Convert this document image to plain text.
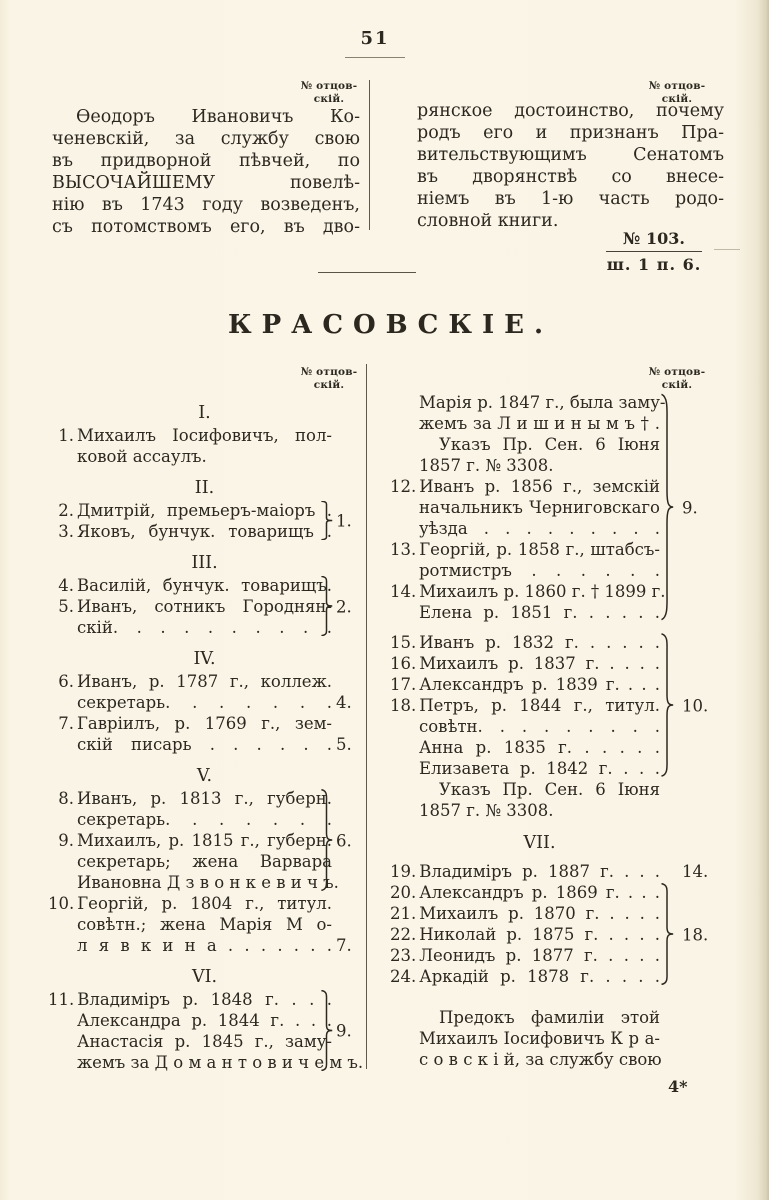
51
№ отцов-
скій.
№ отцов-
скій.
Ѳеодоръ Ивановичъ Ко-
ченевскій, за службу свою
въ придворной пѣвчей, по
ВЫСОЧАЙШЕМУ повелѣ-
нію въ 1743 году возведенъ,
съ потомствомъ его, въ дво-
рянское достоинство, почему
родъ его и признанъ Пра-
вительствующимъ Сенатомъ
въ дворянствѣ со внесе-
ніемъ въ 1-ю часть родо-
словной книги.
№ 103.
ш. 1 п. 6.
КРАСОВСКІЕ.
№ отцов-
скій.
№ отцов-
скій.
I.
1. Михаилъ Іосифовичъ, пол-
ковой ассаулъ.
II.
2. Дмитрій, премьеръ-маіоръ .
3. Яковъ, бунчук. товарищъ .
1.
III.
4. Василій, бунчук. товарищъ.
5. Иванъ, сотникъ Городнян-
скій. . . . . . . . . .
2.
IV.
6. Иванъ, р. 1787 г., коллеж.
секретарь. . . . . . . 4.
7. Гавріилъ, р. 1769 г., зем-
скій писарь . . . . . . 5.
V.
8. Иванъ, р. 1813 г., губерн.
секретарь. . . . . . .
9. Михаилъ, р. 1815 г., губерн.
секретарь; жена Варвара
Ивановна Д з в о н к е в и ч ъ.
6.
10. Георгій, р. 1804 г., титул.
совѣтн.; жена Марія М о-
л я в к и н а . . . . . . . 7.
VI.
11. Владиміръ р. 1848 г. . . .
Александра р. 1844 г. . . .
Анастасія р. 1845 г., заму-
жемъ за Д о м а н т о в и ч е м ъ.
9.
Марія р. 1847 г., была заму-
жемъ за Л и ш и н ы м ъ † .
Указъ Пр. Сен. 6 Іюня
1857 г. № 3308.
12. Иванъ р. 1856 г., земскій
начальникъ Черниговскаго
уѣзда . . . . . . . . .
13. Георгій, р. 1858 г., штабсъ-
ротмистръ . . . . . .
14. Михаилъ р. 1860 г. † 1899 г.
Елена р. 1851 г. . . . . .
9.
15. Иванъ р. 1832 г. . . . . .
16. Михаилъ р. 1837 г. . . . .
17. Александръ р. 1839 г. . . .
18. Петръ, р. 1844 г., титул.
совѣтн. . . . . . . . .
Анна р. 1835 г. . . . . .
Елизавета р. 1842 г. . . .
10.
Указъ Пр. Сен. 6 Іюня
1857 г. № 3308.
VII.
19. Владиміръ р. 1887 г. . . . 14.
20. Александръ р. 1869 г. . . .
21. Михаилъ р. 1870 г. . . . .
22. Николай р. 1875 г. . . . .
23. Леонидъ р. 1877 г. . . . .
24. Аркадій р. 1878 г. . . . .
18.
Предокъ фамиліи этой
Михаилъ Іосифовичъ К р а-
с о в с к і й, за службу свою
4*
